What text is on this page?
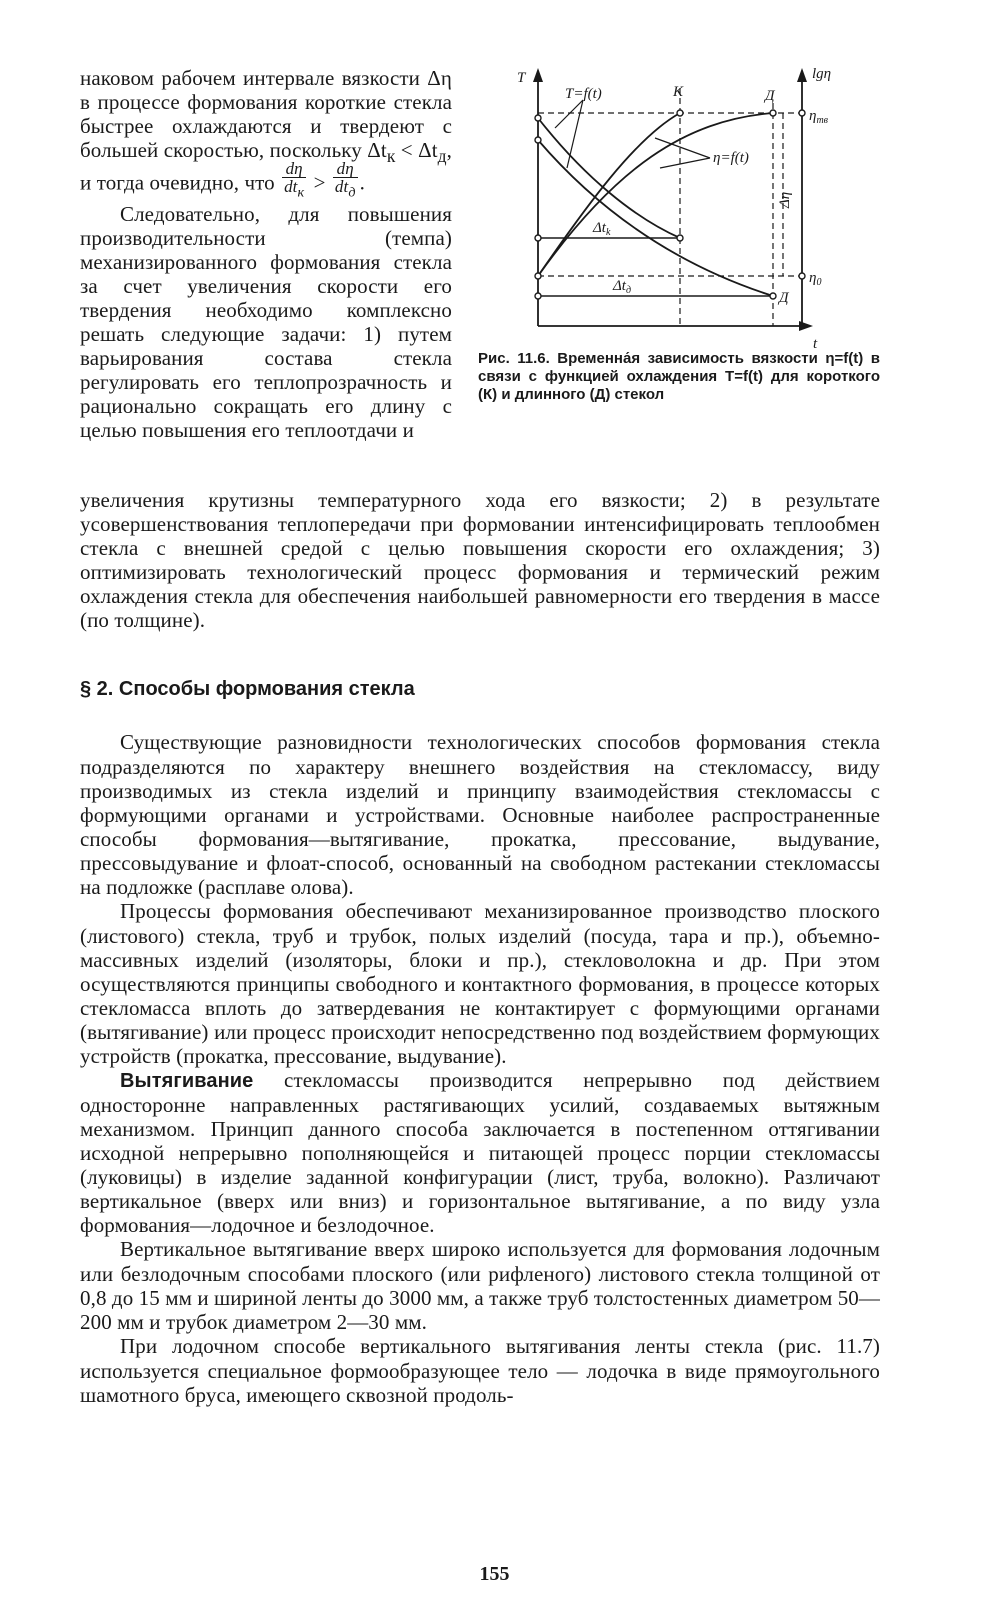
наковом рабочем интервале вязкости Δη в процессе формования короткие стекла быстрее охлаждаются и твердеют с большей скоростью, поскольку $\Delta t_к < \Delta t_д$, и тогда очевидно, что $\frac{d\eta}{dt_к} > \frac{d\eta}{dt_д}$ .

Следовательно, для повышения производительности (темпа) механизированного формования стекла за счет увеличения скорости его твердения необходимо комплексно решать следующие задачи: 1) путем варьирования состава стекла регулировать его теплопрозрачность и рационально сокращать его длину с целью повышения его теплоотдачи и

увеличения крутизны температурного хода его вязкости; 2) в результате усовершенствования теплопередачи при формовании интенсифицировать теплообмен стекла с внешней средой с целью повышения скорости его охлаждения; 3) оптимизировать технологический процесс формования и термический режим охлаждения стекла для обеспечения наибольшей равномерности его твердения в массе (по толщине).

T	lgη
t
T=f(t)	К	Д
η=f(t)
$\eta_{тв}$
$\eta_0$
$\Delta t_k$
$\Delta t_д$
Δη
Д
Рис. 11.6. Временна́я зависимость вязкости η=f(t) в связи с функцией охлаждения T=f(t) для короткого (К) и длинного (Д) стекол
§ 2. Способы формования стекла

Существующие разновидности технологических способов формования стекла подразделяются по характеру внешнего воздействия на стекломассу, виду производимых из стекла изделий и принципу взаимодействия стекломассы с формующими органами и устройствами. Основные наиболее распространенные способы формования—вытягивание, прокатка, прессование, выдувание, прессовыдувание и флоат-способ, основанный на свободном растекании стекломассы на подложке (расплаве олова).

Процессы формования обеспечивают механизированное производство плоского (листового) стекла, труб и трубок, полых изделий (посуда, тара и пр.), объемно-массивных изделий (изоляторы, блоки и пр.), стекловолокна и др. При этом осуществляются принципы свободного и контактного формования, в процессе которых стекломасса вплоть до затвердевания не контактирует с формующими органами (вытягивание) или процесс происходит непосредственно под воздействием формующих устройств (прокатка, прессование, выдувание).

Вытягивание стекломассы производится непрерывно под действием односторонне направленных растягивающих усилий, создаваемых вытяжным механизмом. Принцип данного способа заключается в постепенном оттягивании исходной непрерывно пополняющейся и питающей процесс порции стекломассы (луковицы) в изделие заданной конфигурации (лист, труба, волокно). Различают вертикальное (вверх или вниз) и горизонтальное вытягивание, а по виду узла формования—лодочное и безлодочное.

Вертикальное вытягивание вверх широко используется для формования лодочным или безлодочным способами плоского (или рифленого) листового стекла толщиной от 0,8 до 15 мм и шириной ленты до 3000 мм, а также труб толстостенных диаметром 50—200 мм и трубок диаметром 2—30 мм.

При лодочном способе вертикального вытягивания ленты стекла (рис. 11.7) используется специальное формообразующее тело — лодочка в виде прямоугольного шамотного бруса, имеющего сквозной продоль-

155
